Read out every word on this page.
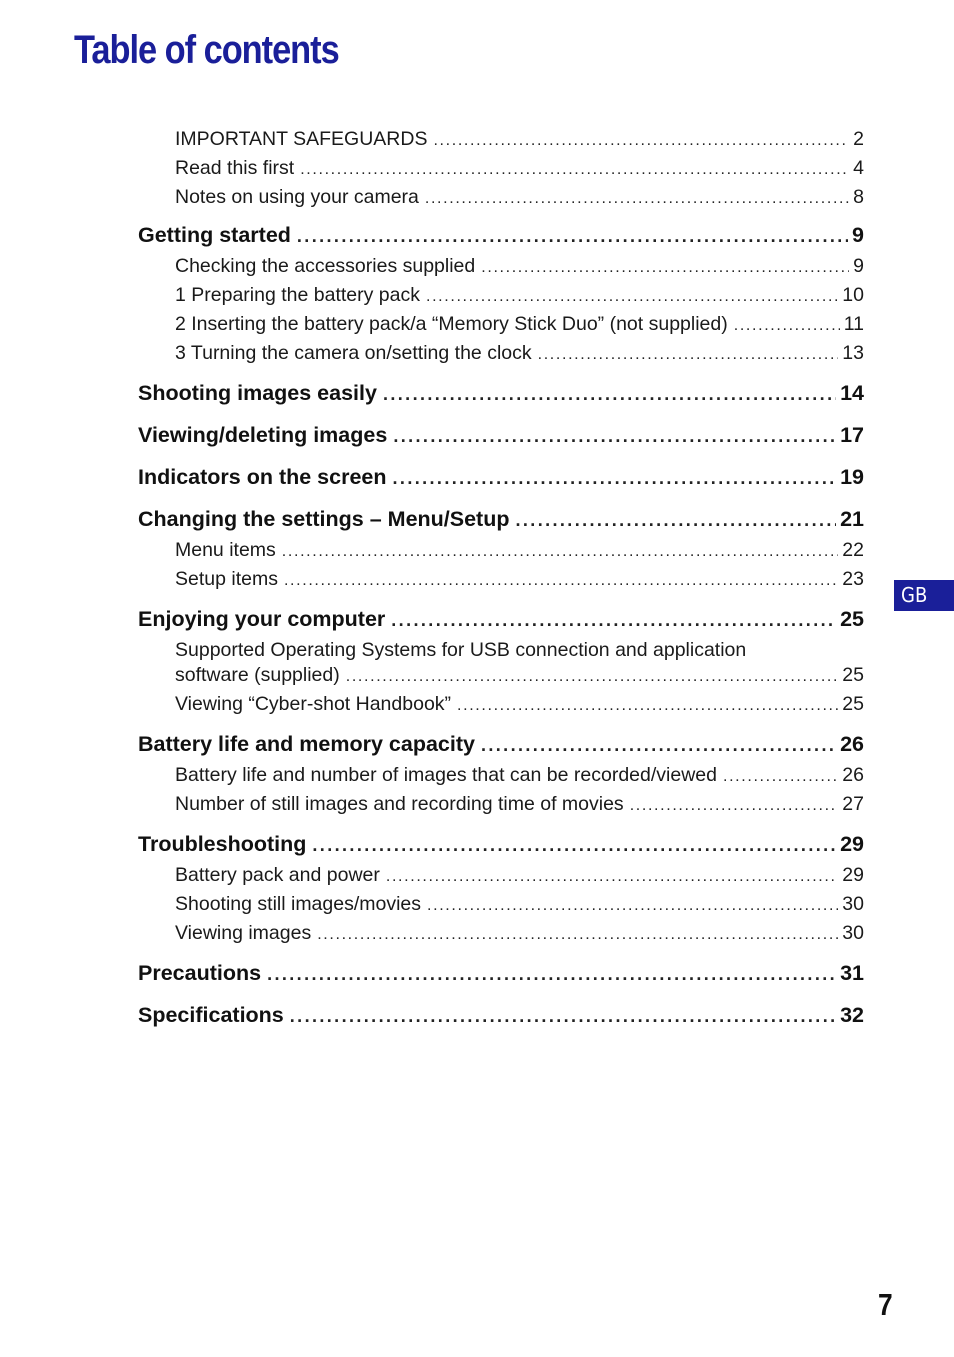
Table of contents
IMPORTANT SAFEGUARDS . . .	2
Read this first . . .	4
Notes on using your camera . . .	8
Getting started . . .	9
Checking the accessories supplied . . .	9
1 Preparing the battery pack . . .	10
2 Inserting the battery pack/a “Memory Stick Duo” (not supplied) . . .	11
3 Turning the camera on/setting the clock . . .	13
Shooting images easily . . .	14
Viewing/deleting images . . .	17
Indicators on the screen . . .	19
Changing the settings – Menu/Setup . . .	21
Menu items . . .	22
Setup items . . .	23
Enjoying your computer . . .	25
Supported Operating Systems for USB connection and application
software (supplied) . . .	25
Viewing “Cyber-shot Handbook” . . .	25
Battery life and memory capacity . . .	26
Battery life and number of images that can be recorded/viewed . . .	26
Number of still images and recording time of movies . . .	27
Troubleshooting . . .	29
Battery pack and power . . .	29
Shooting still images/movies . . .	30
Viewing images . . .	30
Precautions . . .	31
Specifications . . .	32
GB
7
